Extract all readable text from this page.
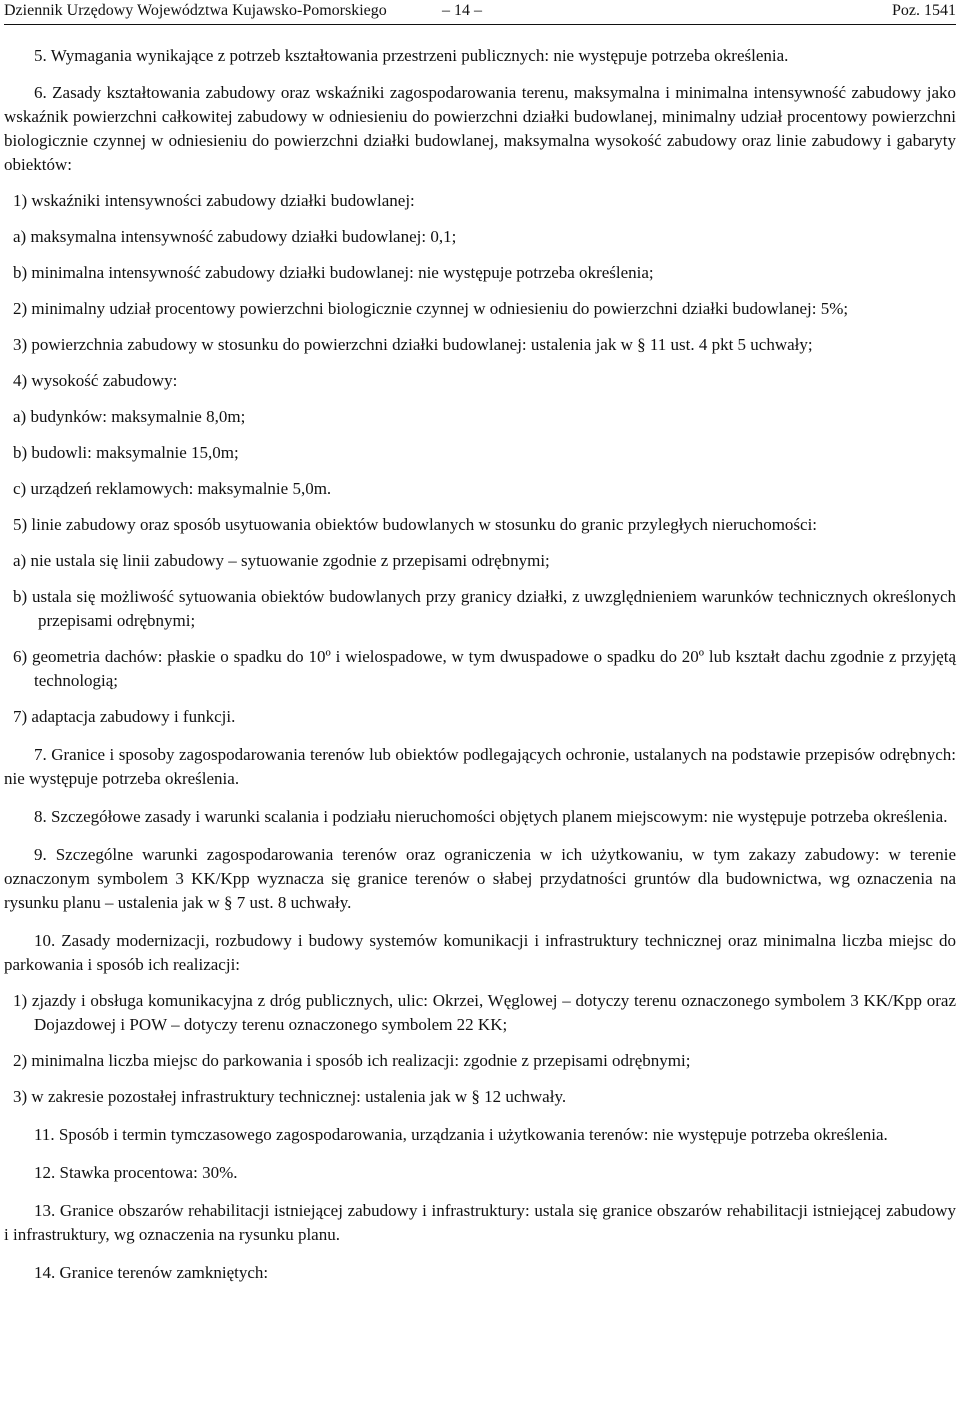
Dziennik Urzędowy Województwa Kujawsko-Pomorskiego	– 14 –	Poz. 1541

5. Wymagania wynikające z potrzeb kształtowania przestrzeni publicznych: nie występuje potrzeba określenia.

6. Zasady kształtowania zabudowy oraz wskaźniki zagospodarowania terenu, maksymalna i minimalna intensywność zabudowy jako wskaźnik powierzchni całkowitej zabudowy w odniesieniu do powierzchni działki budowlanej, minimalny udział procentowy powierzchni biologicznie czynnej w odniesieniu do powierzchni działki budowlanej, maksymalna wysokość zabudowy oraz linie zabudowy i gabaryty obiektów:

1) wskaźniki intensywności zabudowy działki budowlanej:

a) maksymalna intensywność zabudowy działki budowlanej: 0,1;

b) minimalna intensywność zabudowy działki budowlanej: nie występuje potrzeba określenia;

2) minimalny udział procentowy powierzchni biologicznie czynnej w odniesieniu do powierzchni działki budowlanej: 5%;

3) powierzchnia zabudowy w stosunku do powierzchni działki budowlanej: ustalenia jak w § 11 ust. 4 pkt 5 uchwały;

4) wysokość zabudowy:

a) budynków: maksymalnie 8,0m;

b) budowli: maksymalnie 15,0m;

c) urządzeń reklamowych: maksymalnie 5,0m.

5) linie zabudowy oraz sposób usytuowania obiektów budowlanych w stosunku do granic przyległych nieruchomości:

a) nie ustala się linii zabudowy – sytuowanie zgodnie z przepisami odrębnymi;

b) ustala się możliwość sytuowania obiektów budowlanych przy granicy działki, z uwzględnieniem warunków technicznych określonych przepisami odrębnymi;

6) geometria dachów: płaskie o spadku do 10º i wielospadowe, w tym dwuspadowe o spadku do 20º lub kształt dachu zgodnie z przyjętą technologią;

7) adaptacja zabudowy i funkcji.

7. Granice i sposoby zagospodarowania terenów lub obiektów podlegających ochronie, ustalanych na podstawie przepisów odrębnych: nie występuje potrzeba określenia.

8. Szczegółowe zasady i warunki scalania i podziału nieruchomości objętych planem miejscowym: nie występuje potrzeba określenia.

9. Szczególne warunki zagospodarowania terenów oraz ograniczenia w ich użytkowaniu, w tym zakazy zabudowy: w terenie oznaczonym symbolem 3 KK/Kpp wyznacza się granice terenów o słabej przydatności gruntów dla budownictwa, wg oznaczenia na rysunku planu – ustalenia jak w § 7 ust. 8 uchwały.

10. Zasady modernizacji, rozbudowy i budowy systemów komunikacji i infrastruktury technicznej oraz minimalna liczba miejsc do parkowania i sposób ich realizacji:

1) zjazdy i obsługa komunikacyjna z dróg publicznych, ulic: Okrzei, Węglowej – dotyczy terenu oznaczonego symbolem 3 KK/Kpp oraz Dojazdowej i POW – dotyczy terenu oznaczonego symbolem 22 KK;

2) minimalna liczba miejsc do parkowania i sposób ich realizacji: zgodnie z przepisami odrębnymi;

3) w zakresie pozostałej infrastruktury technicznej: ustalenia jak w § 12 uchwały.

11. Sposób i termin tymczasowego zagospodarowania, urządzania i użytkowania terenów: nie występuje potrzeba określenia.

12. Stawka procentowa: 30%.

13. Granice obszarów rehabilitacji istniejącej zabudowy i infrastruktury: ustala się granice obszarów rehabilitacji istniejącej zabudowy i infrastruktury, wg oznaczenia na rysunku planu.

14. Granice terenów zamkniętych:
